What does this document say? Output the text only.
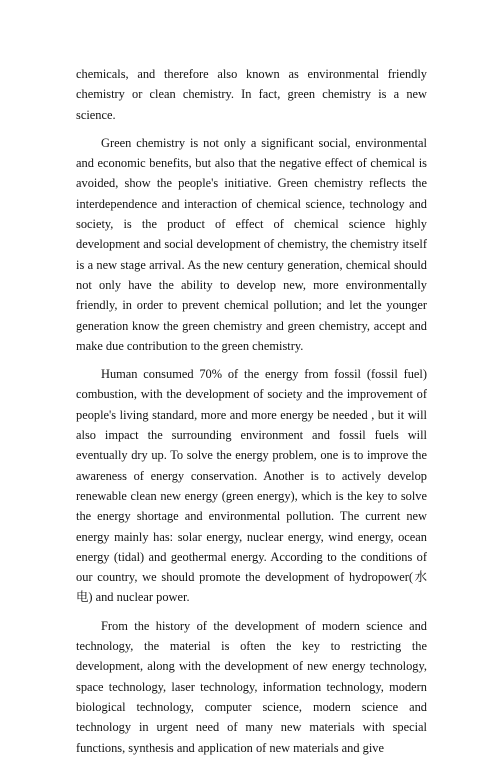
chemicals, and therefore also known as environmental friendly chemistry or clean chemistry. In fact, green chemistry is a new science.

Green chemistry is not only a significant social, environmental and economic benefits, but also that the negative effect of chemical is avoided, show the people's initiative. Green chemistry reflects the interdependence and interaction of chemical science, technology and society, is the product of effect of chemical science highly development and social development of chemistry, the chemistry itself is a new stage arrival. As the new century generation, chemical should not only have the ability to develop new, more environmentally friendly, in order to prevent chemical pollution; and let the younger generation know the green chemistry and green chemistry, accept and make due contribution to the green chemistry.

Human consumed 70% of the energy from fossil (fossil fuel) combustion, with the development of society and the improvement of people's living standard, more and more energy be needed , but it will also impact the surrounding environment and fossil fuels will eventually dry up. To solve the energy problem, one is to improve the awareness of energy conservation. Another is to actively develop renewable clean new energy (green energy), which is the key to solve the energy shortage and environmental pollution. The current new energy mainly has: solar energy, nuclear energy, wind energy, ocean energy (tidal) and geothermal energy. According to the conditions of our country, we should promote the development of hydropower(水电) and nuclear power.

From the history of the development of modern science and technology, the material is often the key to restricting the development, along with the development of new energy technology, space technology, laser technology, information technology, modern biological technology, computer science, modern science and technology in urgent need of many new materials with special functions, synthesis and application of new materials and give
